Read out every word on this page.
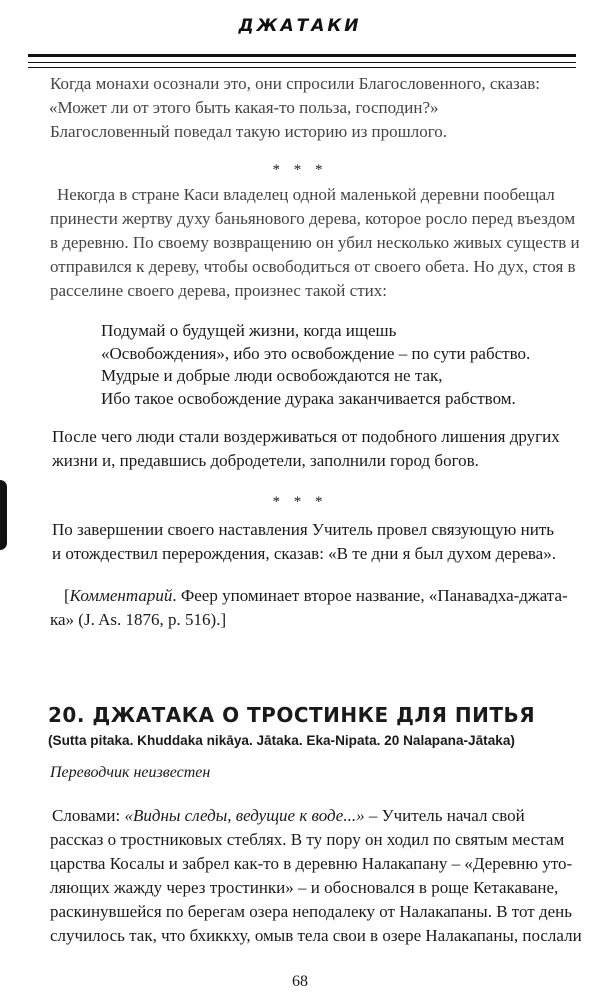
ДЖАТАКИ
Когда монахи осознали это, они спросили Благословенного, сказав:
«Может ли от этого быть какая-то польза, господин?»
Благословенный поведал такую историю из прошлого.
* * *
Некогда в стране Каси владелец одной маленькой деревни пообещал
принести жертву духу баньянового дерева, которое росло перед въездом
в деревню. По своему возвращению он убил несколько живых существ и
отправился к дереву, чтобы освободиться от своего обета. Но дух, стоя в
расселине своего дерева, произнес такой стих:
Подумай о будущей жизни, когда ищешь
«Освобождения», ибо это освобождение – по сути рабство.
Мудрые и добрые люди освобождаются не так,
Ибо такое освобождение дурака заканчивается рабством.
После чего люди стали воздерживаться от подобного лишения других
жизни и, предавшись добродетели, заполнили город богов.
* * *
По завершении своего наставления Учитель провел связующую нить
и отождествил перерождения, сказав: «В те дни я был духом дерева».
[Комментарий. Феер упоминает второе название, «Панавадха-джата-
ка» (J. As. 1876, p. 516).]
20. ДЖАТАКА О ТРОСТИНКЕ ДЛЯ ПИТЬЯ
(Sutta pitaka. Khuddaka nikāya. Jātaka. Eka-Nipata. 20 Nalapana-Jātaka)
Переводчик неизвестен
Словами: «Видны следы, ведущие к воде...» – Учитель начал свой
рассказ о тростниковых стеблях. В ту пору он ходил по святым местам
царства Косалы и забрел как-то в деревню Налакапану – «Деревню уто-
ляющих жажду через тростинки» – и обосновался в роще Кетакаване,
раскинувшейся по берегам озера неподалеку от Налакапаны. В тот день
случилось так, что бхиккху, омыв тела свои в озере Налакапаны, послали
68
